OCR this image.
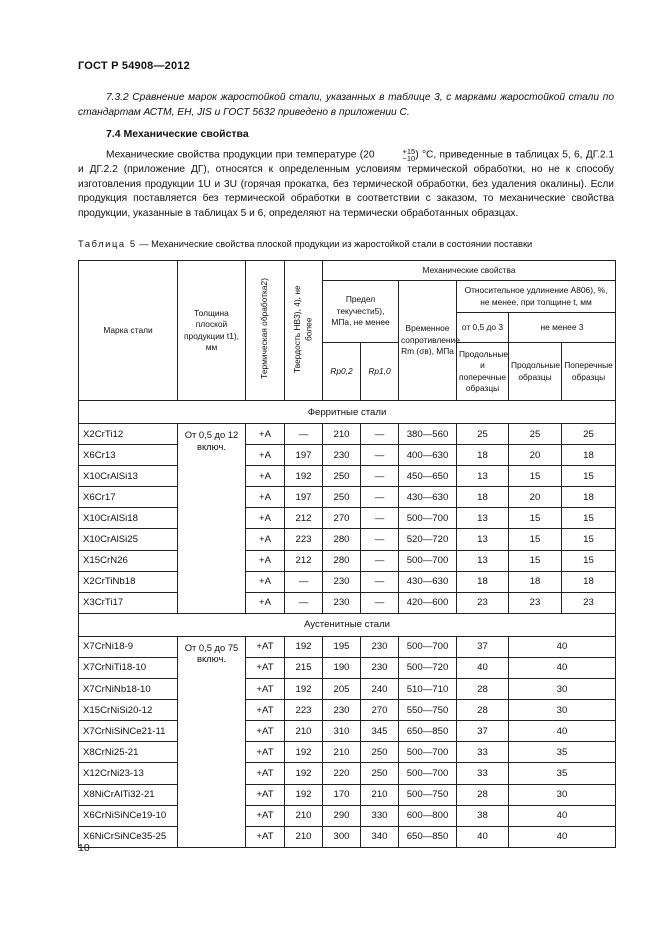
ГОСТ Р 54908—2012
7.3.2 Сравнение марок жаростойкой стали, указанных в таблице 3, с марками жаростойкой стали по стандартам АСТМ, ЕН, JIS и ГОСТ 5632 приведено в приложении С.
7.4 Механические свойства
Механические свойства продукции при температуре (20	+15
−10 ) °С, приведенные в таблицах 5, 6, ДГ.2.1 и ДГ.2.2 (приложение ДГ), относятся к определенным условиям термической обработки, но не к способу изготовления продукции 1U и 3U (горячая прокатка, без термической обработки, без удаления окалины). Если продукция поставляется без термической обработки в соответствии с заказом, то механические свойства продукции, указанные в таблицах 5 и 6, определяют на термически обработанных образцах.
Таблица 5 — Механические свойства плоской продукции из жаростойкой стали в состоянии поставки
Марка стали	Толщина плоской продукции t1), мм	Термическая обработка2)	Твердость HB3), 4), не более	Механические свойства					
				Предел текучести5), МПа, не менее		Временное сопротивление Rm (σв), МПа	Относительное удлинение A806), %, не менее, при толщине t, мм		
							от 0,5 до 3	не менее 3	
				Rp0,2	Rp1,0		Продольные и поперечные образцы	Продольные образцы	Поперечные образцы
Ферритные стали									
X2CrTi12	От 0,5 до 12 включ.	+A	—	210	—	380—560	25	25	25
X6Cr13		+A	197	230	—	400—630	18	20	18
X10CrAlSi13		+A	192	250	—	450—650	13	15	15
X6Cr17		+A	197	250	—	430—630	18	20	18
X10CrAlSi18		+A	212	270	—	500—700	13	15	15
X10CrAlSi25		+A	223	280	—	520—720	13	15	15
X15CrN26		+A	212	280	—	500—700	13	15	15
X2CrTiNb18		+A	—	230	—	430—630	18	18	18
X3CrTi17		+A	—	230	—	420—600	23	23	23
Аустенитные стали									
X7CrNi18-9	От 0,5 до 75 включ.	+AT	192	195	230	500—700	37	40	
X7CrNiTi18-10		+AT	215	190	230	500—720	40	40	
X7CrNiNb18-10		+AT	192	205	240	510—710	28	30	
X15CrNiSi20-12		+AT	223	230	270	550—750	28	30	
X7CrNiSiNCe21-11		+AT	210	310	345	650—850	37	40	
X8CrNi25-21		+AT	192	210	250	500—700	33	35	
X12CrNi23-13		+AT	192	220	250	500—700	33	35	
X8NiCrAlTi32-21		+AT	192	170	210	500—750	28	30	
X6CrNiSiNCe19-10		+AT	210	290	330	600—800	38	40	
X6NiCrSiNCe35-25		+AT	210	300	340	650—850	40	40	
10
